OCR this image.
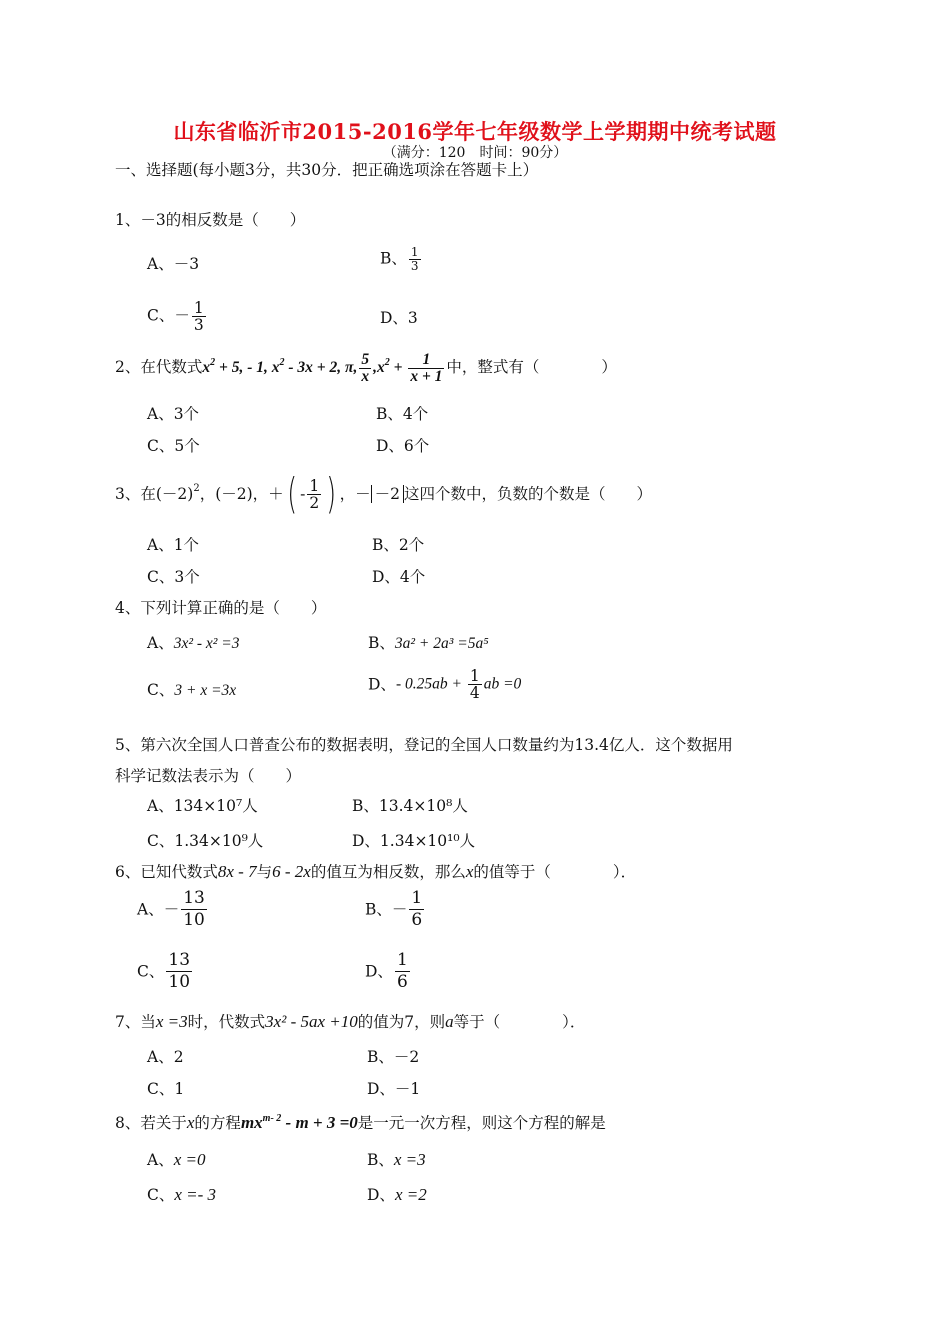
山东省临沂市2015-2016学年七年级数学上学期期中统考试题
（满分：120　时间：90分）
一、选择题(每小题3分，共30分．把正确选项涂在答题卡上）
1、－3的相反数是（　　）
A、－3	B、 $\frac{1}{3}$
C、－ $\frac{1}{3}$	D、3
2、在代数式$x^2 + 5$, - 1, $x^2 - 3x + 2$, π, $\frac{5}{x} ,x^2 + \frac{1}{x + 1}$ 中，整式有（　　　　）
A、3个	B、4个
C、5个	D、6个
3、在$(-2)^2$，(－2)，＋( - $\frac{1}{2}$ ) ，－ －2 这四个数中，负数的个数是（　　）
A、1个	B、2个
C、3个	D、4个
4、下列计算正确的是（　　）
A、3x² - x² =3	B、3a² + 2a³ =5a⁵
C、3 + x =3x	D、- $0.25ab + \frac{1}{4}$ ab =0
5、第六次全国人口普查公布的数据表明，登记的全国人口数量约为13.4亿人．这个数据用
科学记数法表示为（　　）
A、134×10⁷人	B、13.4×10⁸人
C、1.34×10⁹人	D、1.34×10¹⁰人
6、已知代数式8x - 7与6 - 2x的值互为相反数，那么x的值等于（　　　　）．
A、－ $\frac{13}{10}$	B、－ $\frac{1}{6}$
C、 $\frac{13}{10}$	D、 $\frac{1}{6}$
7、当x =3时，代数式3x² - 5ax +10的值为7，则a等于（　　　　）．
A、2	B、－2
C、1	D、－1
8、若关于x的方程$mx^{m- 2} - m + 3 =0$是一元一次方程，则这个方程的解是
A、x =0	B、x =3
C、x =- 3	D、x =2
